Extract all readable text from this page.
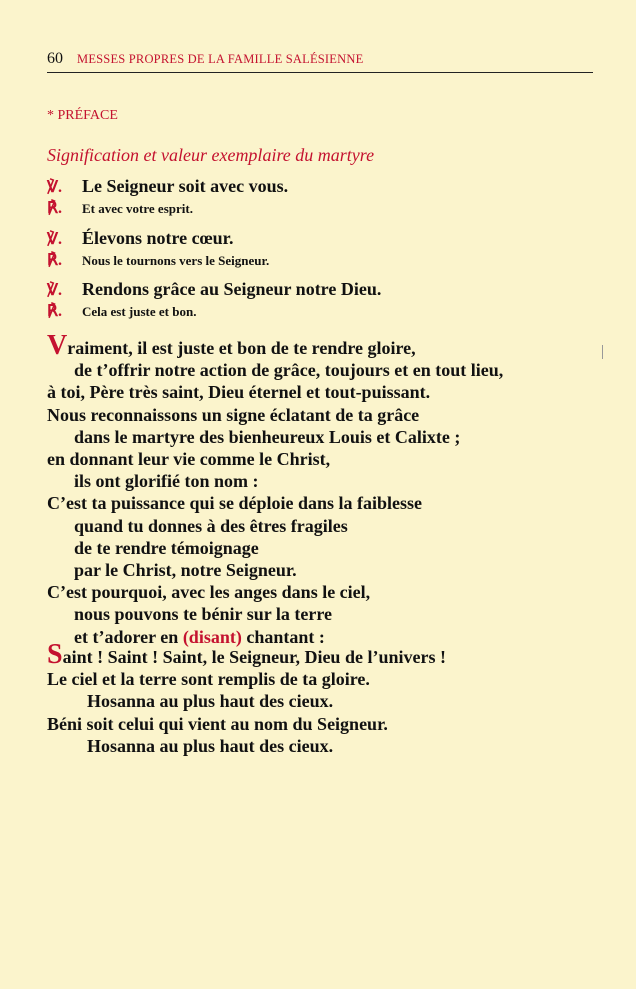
60 MESSES PROPRES DE LA FAMILLE SALÉSIENNE
* PRÉFACE
Signification et valeur exemplaire du martyre
℣.	Le Seigneur soit avec vous.
℟.	Et avec votre esprit.
℣.	Élevons notre cœur.
℟.	Nous le tournons vers le Seigneur.
℣.	Rendons grâce au Seigneur notre Dieu.
℟.	Cela est juste et bon.
Vraiment, il est juste et bon de te rendre gloire,
de t’offrir notre action de grâce, toujours et en tout lieu,
à toi, Père très saint, Dieu éternel et tout-puissant.
Nous reconnaissons un signe éclatant de ta grâce
dans le martyre des bienheureux Louis et Calixte ;
en donnant leur vie comme le Christ,
ils ont glorifié ton nom :
C’est ta puissance qui se déploie dans la faiblesse
quand tu donnes à des êtres fragiles
de te rendre témoignage
par le Christ, notre Seigneur.
C’est pourquoi, avec les anges dans le ciel,
nous pouvons te bénir sur la terre
et t’adorer en (disant) chantant :
Saint ! Saint ! Saint, le Seigneur, Dieu de l’univers !
Le ciel et la terre sont remplis de ta gloire.
Hosanna au plus haut des cieux.
Béni soit celui qui vient au nom du Seigneur.
Hosanna au plus haut des cieux.
